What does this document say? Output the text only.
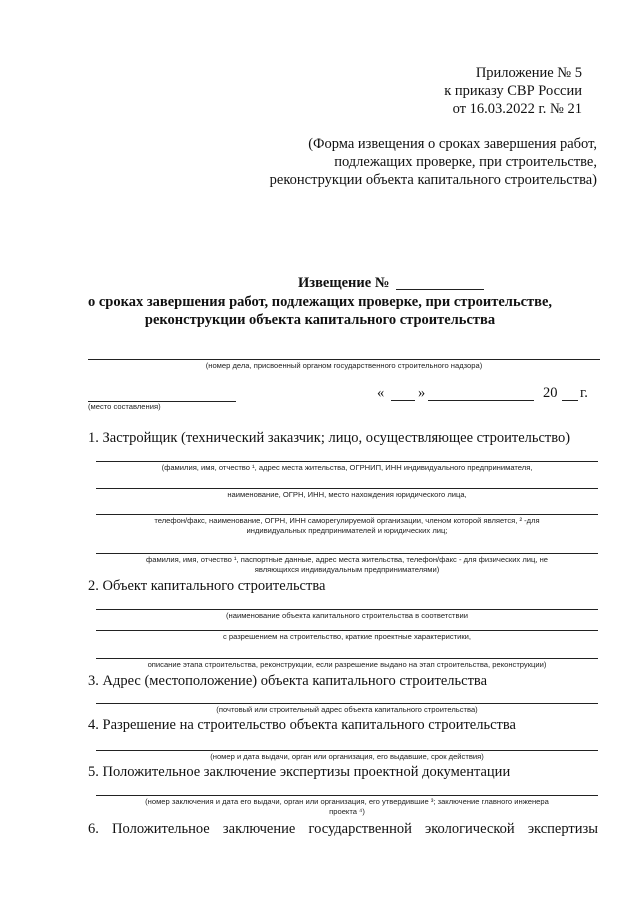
Приложение № 5
к приказу СВР России
от 16.03.2022 г. № 21
(Форма извещения о сроках завершения работ,
подлежащих проверке, при строительстве,
реконструкции объекта капитального строительства)
Извещение №
о сроках завершения работ, подлежащих проверке, при строительстве,
реконструкции объекта капитального строительства
(номер дела, присвоенный органом государственного строительного надзора)
(место составления)
« »	20 г.
1. Застройщик (технический заказчик; лицо, осуществляющее строительство)
(фамилия, имя, отчество ¹, адрес места жительства, ОГРНИП, ИНН индивидуального предпринимателя,
наименование, ОГРН, ИНН, место нахождения юридического лица,
телефон/факс, наименование, ОГРН, ИНН саморегулируемой организации, членом которой является, ² -для
индивидуальных предпринимателей и юридических лиц;
фамилия, имя, отчество ¹, паспортные данные, адрес места жительства, телефон/факс - для физических лиц, не
являющихся индивидуальным предпринимателями)
2. Объект капитального строительства
(наименование объекта капитального строительства в соответствии
с разрешением на строительство, краткие проектные характеристики,
описание этапа строительства, реконструкции, если разрешение выдано на этап строительства, реконструкции)
3. Адрес (местоположение) объекта капитального строительства
(почтовый или строительный адрес объекта капитального строительства)
4. Разрешение на строительство объекта капитального строительства
(номер и дата выдачи, орган или организация, его выдавшие, срок действия)
5. Положительное заключение экспертизы проектной документации
(номер заключения и дата его выдачи, орган или организация, его утвердившие ³; заключение главного инженера
проекта ⁴)
6. Положительное заключение государственной экологической экспертизы
